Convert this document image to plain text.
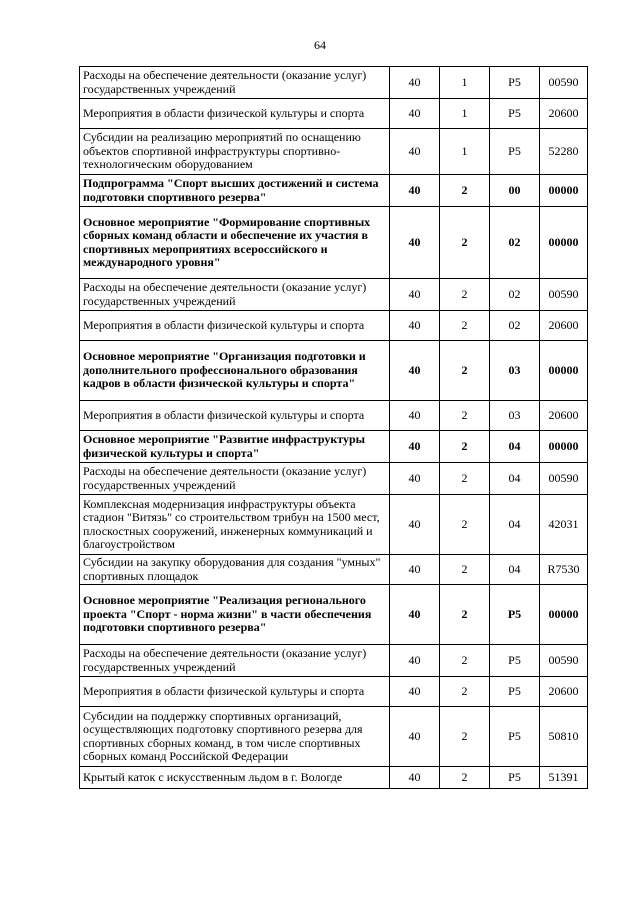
64
Расходы на обеспечение деятельности (оказание услуг) государственных учреждений	40	1	Р5	00590
Мероприятия в области физической культуры и спорта	40	1	Р5	20600
Субсидии на реализацию мероприятий по оснащению объектов спортивной инфраструктуры спортивно-технологическим оборудованием	40	1	Р5	52280
Подпрограмма "Спорт высших достижений и система подготовки спортивного резерва"	40	2	00	00000
Основное мероприятие "Формирование спортивных сборных команд области и обеспечение их участия в спортивных мероприятиях всероссийского и международного уровня"	40	2	02	00000
Расходы на обеспечение деятельности (оказание услуг) государственных учреждений	40	2	02	00590
Мероприятия в области физической культуры и спорта	40	2	02	20600
Основное мероприятие "Организация подготовки и дополнительного профессионального образования кадров в области физической культуры и спорта"	40	2	03	00000
Мероприятия в области физической культуры и спорта	40	2	03	20600
Основное мероприятие "Развитие инфраструктуры физической культуры и спорта"	40	2	04	00000
Расходы на обеспечение деятельности (оказание услуг) государственных учреждений	40	2	04	00590
Комплексная модернизация инфраструктуры объекта стадион "Витязь" со строительством трибун на 1500 мест, плоскостных сооружений, инженерных коммуникаций и благоустройством	40	2	04	42031
Субсидии на закупку оборудования для создания "умных" спортивных площадок	40	2	04	R7530
Основное мероприятие "Реализация регионального проекта "Спорт - норма жизни" в части обеспечения подготовки спортивного резерва"	40	2	Р5	00000
Расходы на обеспечение деятельности (оказание услуг) государственных учреждений	40	2	Р5	00590
Мероприятия в области физической культуры и спорта	40	2	Р5	20600
Субсидии на поддержку спортивных организаций, осуществляющих подготовку спортивного резерва для спортивных сборных команд, в том числе спортивных сборных команд Российской Федерации	40	2	Р5	50810
Крытый каток с искусственным льдом в г. Вологде	40	2	Р5	51391
